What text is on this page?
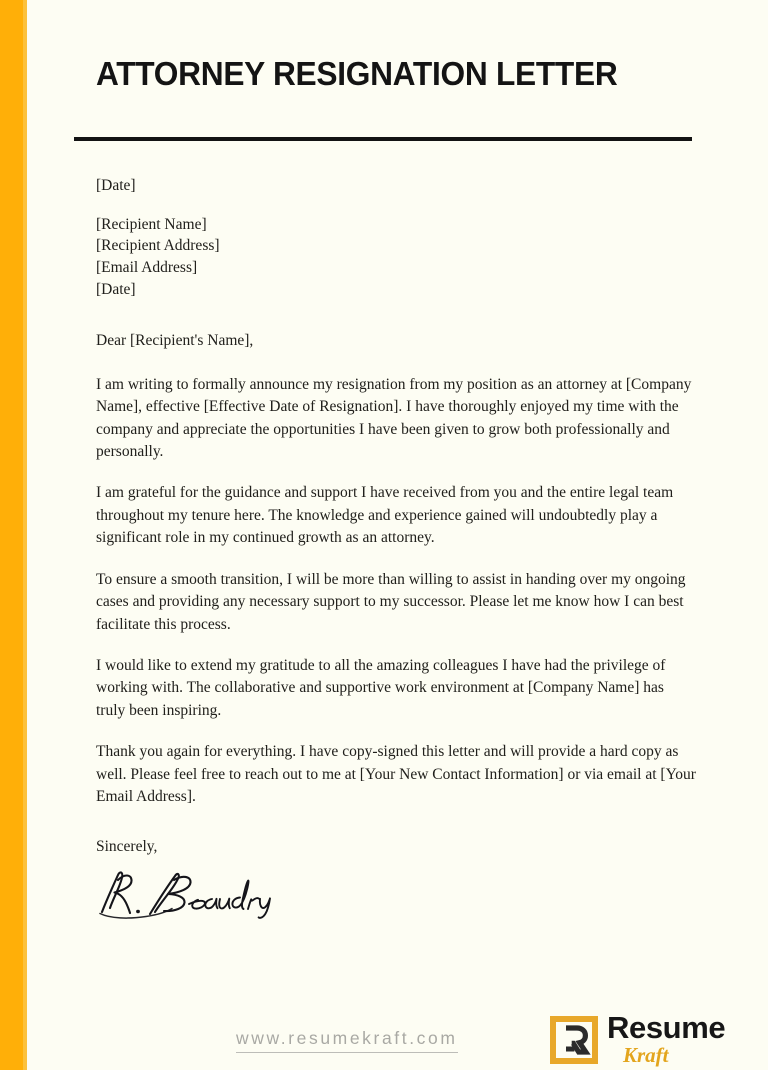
ATTORNEY RESIGNATION LETTER
[Date]
[Recipient Name]
[Recipient Address]
[Email Address]
[Date]
Dear [Recipient's Name],

I am writing to formally announce my resignation from my position as an attorney at [Company Name], effective [Effective Date of Resignation]. I have thoroughly enjoyed my time with the company and appreciate the opportunities I have been given to grow both professionally and personally.

I am grateful for the guidance and support I have received from you and the entire legal team throughout my tenure here. The knowledge and experience gained will undoubtedly play a significant role in my continued growth as an attorney.

To ensure a smooth transition, I will be more than willing to assist in handing over my ongoing cases and providing any necessary support to my successor. Please let me know how I can best facilitate this process.

I would like to extend my gratitude to all the amazing colleagues I have had the privilege of working with. The collaborative and supportive work environment at [Company Name] has truly been inspiring.

Thank you again for everything. I have copy-signed this letter and will provide a hard copy as well. Please feel free to reach out to me at [Your New Contact Information] or via email at [Your Email Address].

Sincerely,
www.resumekraft.com	Resume
Kraft
